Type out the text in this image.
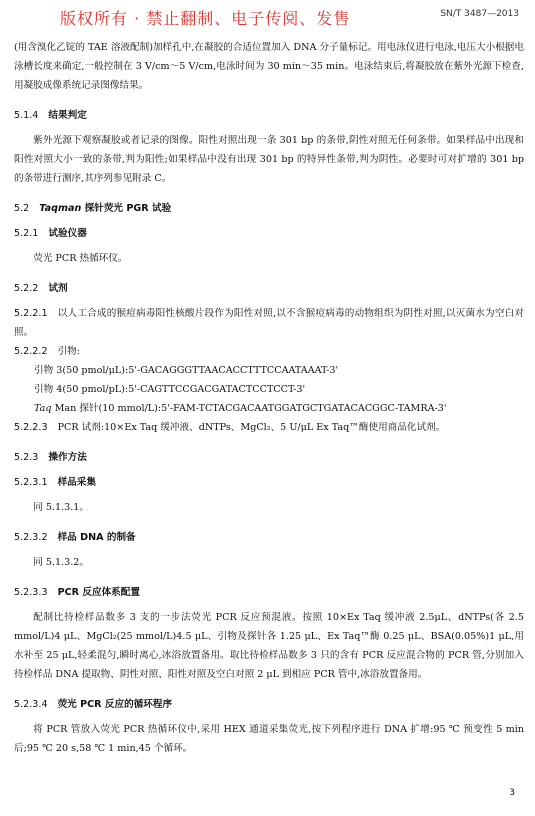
版权所有 · 禁止翻制、电子传阅、发售	SN/T 3487—2013

(用含溴化乙锭的 TAE 溶液配制)加样孔中,在凝胶的合适位置加入 DNA 分子量标记。用电泳仪进行电泳,电压大小根据电泳槽长度来确定,一般控制在 3 V/cm～5 V/cm,电泳时间为 30 min～35 min。电泳结束后,将凝胶放在紫外光源下检查,用凝胶成像系统记录图像结果。

5.1.4 结果判定

紫外光源下观察凝胶或者记录的图像。阳性对照出现一条 301 bp 的条带,阴性对照无任何条带。如果样品中出现和阳性对照大小一致的条带,判为阳性;如果样品中没有出现 301 bp 的特异性条带,判为阴性。必要时可对扩增的 301 bp 的条带进行测序,其序列参见附录 C。

5.2 Taqman 探针荧光 PGR 试验
5.2.1 试验仪器

荧光 PCR 热循环仪。

5.2.2 试剂

5.2.2.1 以人工合成的猴痘病毒阳性核酸片段作为阳性对照,以不含猴痘病毒的动物组织为阴性对照,以灭菌水为空白对照。

5.2.2.2 引物:

引物 3(50 pmol/μL):5'-GACAGGGTTAACACCTTTCCAATAAAT-3'
引物 4(50 pmol/pL):5'-CAGTTCCGACGATACTCCTCCT-3'
Taq Man 探针(10 mmol/L):5'-FAM-TCTACGACAATGGATGCTGATACACGGC-TAMRA-3'

5.2.2.3 PCR 试剂:10×Ex Taq 缓冲液、dNTPs、MgCl₂、5 U/μL Ex Taq™酶使用商品化试剂。

5.2.3 操作方法
5.2.3.1 样品采集

同 5.1.3.1。

5.2.3.2 样品 DNA 的制备

同 5.1.3.2。

5.2.3.3 PCR 反应体系配置

配制比待检样品数多 3 支的一步法荧光 PCR 反应预混液。按照 10×Ex Taq 缓冲液 2.5μL、dNTPs(各 2.5 mmol/L)4 μL、MgCl₂(25 mmol/L)4.5 μL、引物及探针各 1.25 μL、Ex Taq™酶 0.25 μL、BSA(0.05%)1 μL,用水补至 25 μL,轻柔混匀,瞬时离心,冰浴放置备用。取比待检样品数多 3 只的含有 PCR 反应混合物的 PCR 管,分别加入待检样品 DNA 提取物、阴性对照、阳性对照及空白对照 2 μL 到相应 PCR 管中,冰浴放置备用。

5.2.3.4 荧光 PCR 反应的循环程序

将 PCR 管放入荧光 PCR 热循环仪中,采用 HEX 通道采集荧光,按下列程序进行 DNA 扩增:95 ℃ 预变性 5 min 后;95 ℃ 20 s,58 ℃ 1 min,45 个循环。

3
